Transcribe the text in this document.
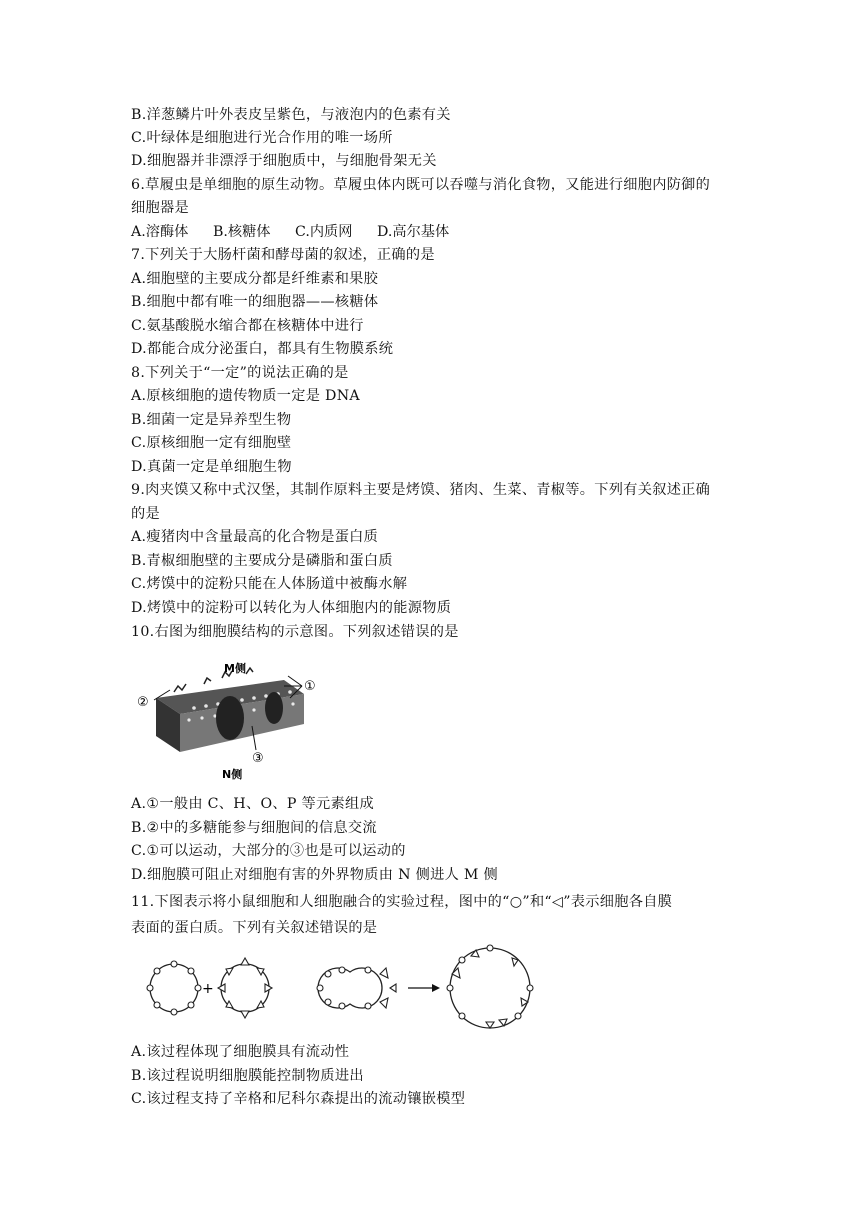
B.洋葱鳞片叶外表皮呈紫色，与液泡内的色素有关
C.叶绿体是细胞进行光合作用的唯一场所
D.细胞器并非漂浮于细胞质中，与细胞骨架无关
6.草履虫是单细胞的原生动物。草履虫体内既可以吞噬与消化食物，又能进行细胞内防御的
细胞器是
A.溶酶体 B.核糖体 C.内质网 D.高尔基体
7.下列关于大肠杆菌和酵母菌的叙述，正确的是
A.细胞壁的主要成分都是纤维素和果胶
B.细胞中都有唯一的细胞器——核糖体
C.氨基酸脱水缩合都在核糖体中进行
D.都能合成分泌蛋白，都具有生物膜系统
8.下列关于“一定”的说法正确的是
A.原核细胞的遗传物质一定是 DNA
B.细菌一定是异养型生物
C.原核细胞一定有细胞壁
D.真菌一定是单细胞生物
9.肉夹馍又称中式汉堡，其制作原料主要是烤馍、猪肉、生菜、青椒等。下列有关叙述正确
的是
A.瘦猪肉中含量最高的化合物是蛋白质
B.青椒细胞壁的主要成分是磷脂和蛋白质
C.烤馍中的淀粉只能在人体肠道中被酶水解
D.烤馍中的淀粉可以转化为人体细胞内的能源物质
10.右图为细胞膜结构的示意图。下列叙述错误的是
M侧
N侧
①
②
③
A.①一般由 C、H、O、P 等元素组成
B.②中的多糖能参与细胞间的信息交流
C.①可以运动，大部分的③也是可以运动的
D.细胞膜可阻止对细胞有害的外界物质由 N 侧进人 M 侧
11.下图表示将小鼠细胞和人细胞融合的实验过程，图中的“○”和“◁”表示细胞各自膜
表面的蛋白质。下列有关叙述错误的是
+
A.该过程体现了细胞膜具有流动性
B.该过程说明细胞膜能控制物质进出
C.该过程支持了辛格和尼科尔森提出的流动镶嵌模型
